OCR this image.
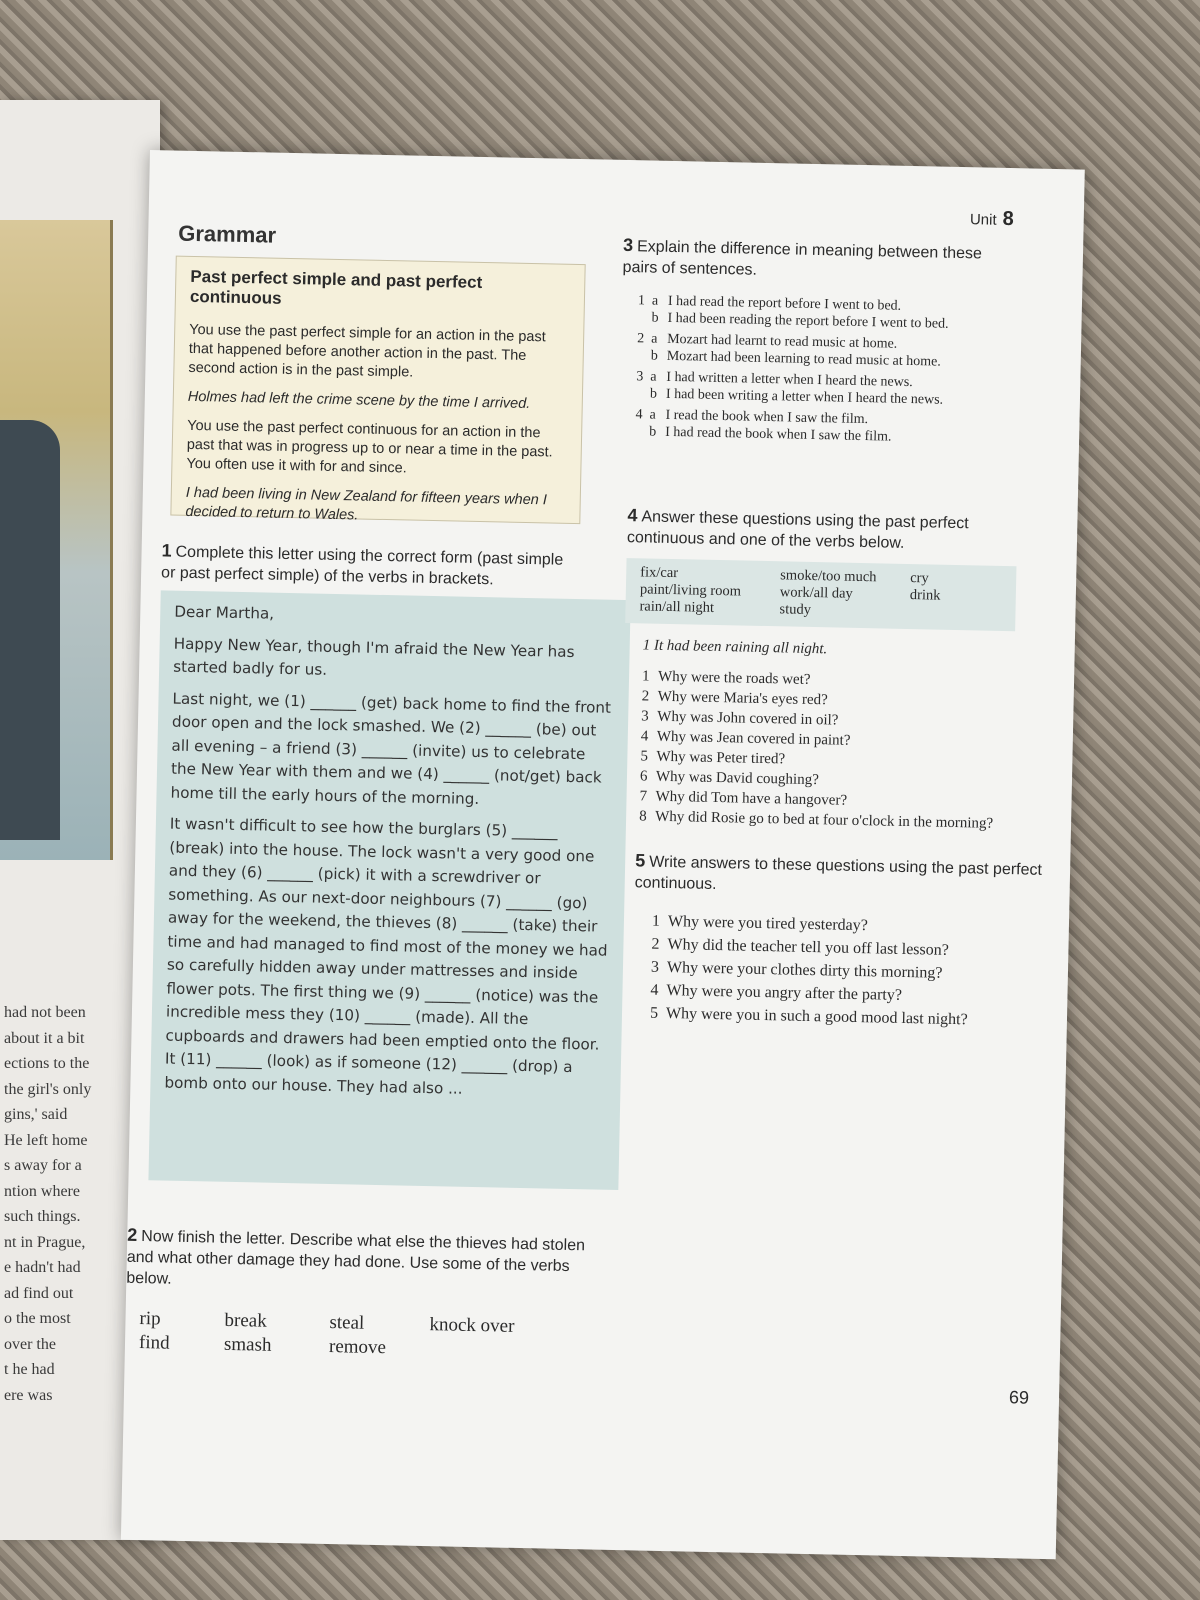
had not been
about it a bit
ections to the
the girl's only
gins,' said
He left home
s away for a
ntion where
such things.
nt in Prague,
e hadn't had
ad find out
o the most
over the
t he had
ere was
Unit 8
Grammar
Past perfect simple and past perfect continuous

You use the past perfect simple for an action in the past that happened before another action in the past. The second action is in the past simple.

Holmes had left the crime scene by the time I arrived.

You use the past perfect continuous for an action in the past that was in progress up to or near a time in the past. You often use it with for and since.

I had been living in New Zealand for fifteen years when I decided to return to Wales.

1 Complete this letter using the correct form (past simple or past perfect simple) of the verbs in brackets.

Dear Martha,

Happy New Year, though I'm afraid the New Year has started badly for us.

Last night, we (1) ______ (get) back home to find the front door open and the lock smashed. We (2) ______ (be) out all evening – a friend (3) ______ (invite) us to celebrate the New Year with them and we (4) ______ (not/get) back home till the early hours of the morning.

It wasn't difficult to see how the burglars (5) ______ (break) into the house. The lock wasn't a very good one and they (6) ______ (pick) it with a screwdriver or something. As our next-door neighbours (7) ______ (go) away for the weekend, the thieves (8) ______ (take) their time and had managed to find most of the money we had so carefully hidden away under mattresses and inside flower pots. The first thing we (9) ______ (notice) was the incredible mess they (10) ______ (made). All the cupboards and drawers had been emptied onto the floor. It (11) ______ (look) as if someone (12) ______ (drop) a bomb onto our house. They had also ...

2 Now finish the letter. Describe what else the thieves had stolen and what other damage they had done. Use some of the verbs below.

rip	break	steal	knock over
find	smash	remove

3 Explain the difference in meaning between these pairs of sentences.

1 a I had read the report before I went to bed.
b I had been reading the report before I went to bed.
2 a Mozart had learnt to read music at home.
b Mozart had been learning to read music at home.
3 a I had written a letter when I heard the news.
b I had been writing a letter when I heard the news.
4 a I read the book when I saw the film.
b I had read the book when I saw the film.

4 Answer these questions using the past perfect continuous and one of the verbs below.

fix/car	smoke/too much	cry
paint/living room	work/all day	drink
rain/all night	study
1 It had been raining all night.
1 Why were the roads wet?
2 Why were Maria's eyes red?
3 Why was John covered in oil?
4 Why was Jean covered in paint?
5 Why was Peter tired?
6 Why was David coughing?
7 Why did Tom have a hangover?
8 Why did Rosie go to bed at four o'clock in the morning?

5 Write answers to these questions using the past perfect continuous.

1 Why were you tired yesterday?
2 Why did the teacher tell you off last lesson?
3 Why were your clothes dirty this morning?
4 Why were you angry after the party?
5 Why were you in such a good mood last night?
69
